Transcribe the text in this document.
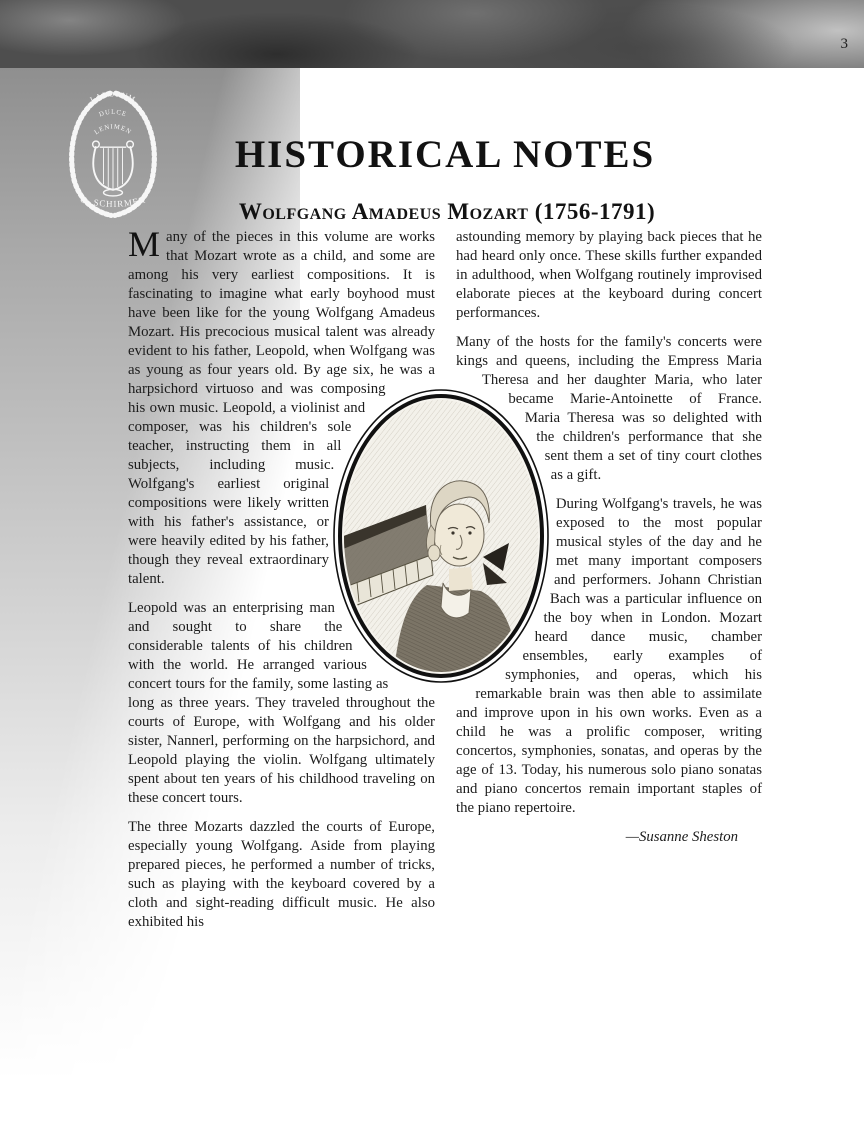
3
LABORUM
DULCE
LENIMEN
G. SCHIRMER
HISTORICAL NOTES
Wolfgang Amadeus Mozart (1756-1791)

Many of the pieces in this volume are works that Mozart wrote as a child, and some are among his very earliest compositions. It is fascinating to imagine what early boyhood must have been like for the young Wolfgang Amadeus Mozart. His precocious musical talent was already evident to his father, Leopold, when Wolfgang was as young as four years old. By age six, he was a harpsichord virtuoso and was composing his own music. Leopold, a violinist and composer, was his children's sole teacher, instructing them in all subjects, including music. Wolfgang's earliest original compositions were likely written with his father's assistance, or were heavily edited by his father, though they reveal extraordinary talent.

Leopold was an enterprising man and sought to share the considerable talents of his children with the world. He arranged various concert tours for the family, some lasting as long as three years. They traveled throughout the courts of Europe, with Wolfgang and his older sister, Nannerl, performing on the harpsichord, and Leopold playing the violin. Wolfgang ultimately spent about ten years of his childhood traveling on these concert tours.

The three Mozarts dazzled the courts of Europe, especially young Wolfgang. Aside from playing prepared pieces, he performed a number of tricks, such as playing with the keyboard covered by a cloth and sight-reading difficult music. He also exhibited his

astounding memory by playing back pieces that he had heard only once. These skills further expanded in adulthood, when Wolfgang routinely improvised elaborate pieces at the keyboard during concert performances.

Many of the hosts for the family's concerts were kings and queens, including the Empress Maria Theresa and her daughter Maria, who later became Marie-Antoinette of France. Maria Theresa was so delighted with the children's performance that she sent them a set of tiny court clothes as a gift.

During Wolfgang's travels, he was exposed to the most popular musical styles of the day and he met many important composers and performers. Johann Christian Bach was a particular influence on the boy when in London. Mozart heard dance music, chamber ensembles, early examples of symphonies, and operas, which his remarkable brain was then able to assimilate and improve upon in his own works. Even as a child he was a prolific composer, writing concertos, symphonies, sonatas, and operas by the age of 13. Today, his numerous solo piano sonatas and piano concertos remain important staples of the piano repertoire.

—Susanne Sheston
